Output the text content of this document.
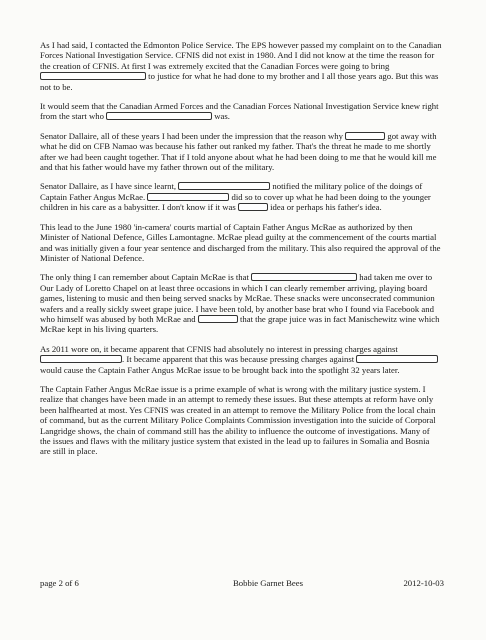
As I had said, I contacted the Edmonton Police Service. The EPS however passed my complaint on to the Canadian Forces National Investigation Service. CFNIS did not exist in 1980. And I did not know at the time the reason for the creation of CFNIS. At first I was extremely excited that the Canadian Forces were going to bring  to justice for what he had done to my brother and I all those years ago. But this was not to be.

It would seem that the Canadian Armed Forces and the Canadian Forces National Investigation Service knew right from the start who	was.

Senator Dallaire, all of these years I had been under the impression that the reason why	got away with what he did on CFB Namao was because his father out ranked my father. That's the threat he made to me shortly after we had been caught together. That if I told anyone about what he had been doing to me that he would kill me and that his father would have my father thrown out of the military.

Senator Dallaire, as I have since learnt,	notified the military police of the doings of Captain Father Angus McRae.	did so to cover up what he had been doing to the younger children in his care as a babysitter. I don't know if it was	idea or perhaps his father's idea.

This lead to the June 1980 'in-camera' courts martial of Captain Father Angus McRae as authorized by then Minister of National Defence, Gilles Lamontagne. McRae plead guilty at the commencement of the courts martial and was initially given a four year sentence and discharged from the military. This also required the approval of the Minister of National Defence.

The only thing I can remember about Captain McRae is that	had taken me over to Our Lady of Loretto Chapel on at least three occasions in which I can clearly remember arriving, playing board games, listening to music and then being served snacks by McRae. These snacks were unconsecrated communion wafers and a really sickly sweet grape juice. I have been told, by another base brat who I found via Facebook and who himself was abused by both McRae and	that the grape juice was in fact Manischewitz wine which McRae kept in his living quarters.

As 2011 wore on, it became apparent that CFNIS had absolutely no interest in pressing charges against . It became apparent that this was because pressing charges against  would cause the Captain Father Angus McRae issue to be brought back into the spotlight 32 years later.

The Captain Father Angus McRae issue is a prime example of what is wrong with the military justice system. I realize that changes have been made in an attempt to remedy these issues. But these attempts at reform have only been halfhearted at most. Yes CFNIS was created in an attempt to remove the Military Police from the local chain of command, but as the current Military Police Complaints Commission investigation into the suicide of Corporal Langridge shows, the chain of command still has the ability to influence the outcome of investigations. Many of the issues and flaws with the military justice system that existed in the lead up to failures in Somalia and Bosnia are still in place.

page 2 of 6	Bobbie Garnet Bees	2012-10-03
